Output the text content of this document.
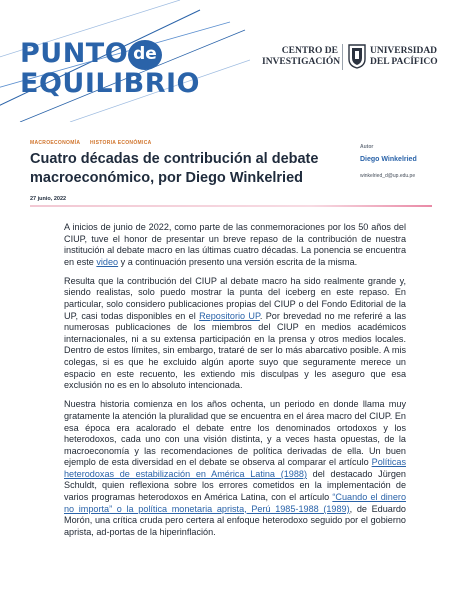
PUNTO de
EQUILIBRIO
CENTRO DE INVESTIGACIÓN
UNIVERSIDAD DEL PACÍFICO
MACROECONOMÍA HISTORIA ECONÓMICA
Cuatro décadas de contribución al debate macroeconómico, por Diego Winkelried
27 junio, 2022
Autor
Diego Winkelried
winkelried_d@up.edu.pe

A inicios de junio de 2022, como parte de las conmemoraciones por los 50 años del CIUP, tuve el honor de presentar un breve repaso de la contribución de nuestra institución al debate macro en las últimas cuatro décadas. La ponencia se encuentra en este video y a continuación presento una versión escrita de la misma.

Resulta que la contribución del CIUP al debate macro ha sido realmente grande y, siendo realistas, solo puedo mostrar la punta del iceberg en este repaso. En particular, solo considero publicaciones propias del CIUP o del Fondo Editorial de la UP, casi todas disponibles en el Repositorio UP. Por brevedad no me referiré a las numerosas publicaciones de los miembros del CIUP en medios académicos internacionales, ni a su extensa participación en la prensa y otros medios locales. Dentro de estos límites, sin embargo, trataré de ser lo más abarcativo posible. A mis colegas, si es que he excluido algún aporte suyo que seguramente merece un espacio en este recuento, les extiendo mis disculpas y les aseguro que esa exclusión no es en lo absoluto intencionada.

Nuestra historia comienza en los años ochenta, un periodo en donde llama muy gratamente la atención la pluralidad que se encuentra en el área macro del CIUP. En esa época era acalorado el debate entre los denominados ortodoxos y los heterodoxos, cada uno con una visión distinta, y a veces hasta opuestas, de la macroeconomía y las recomendaciones de política derivadas de ella. Un buen ejemplo de esta diversidad en el debate se observa al comparar el artículo Políticas heterodoxas de estabilización en América Latina (1988) del destacado Jürgen Schuldt, quien reflexiona sobre los errores cometidos en la implementación de varios programas heterodoxos en América Latina, con el artículo “Cuando el dinero no importa” o la política monetaria aprista, Perú 1985-1988 (1989), de Eduardo Morón, una crítica cruda pero certera al enfoque heterodoxo seguido por el gobierno aprista, ad-portas de la hiperinflación.
